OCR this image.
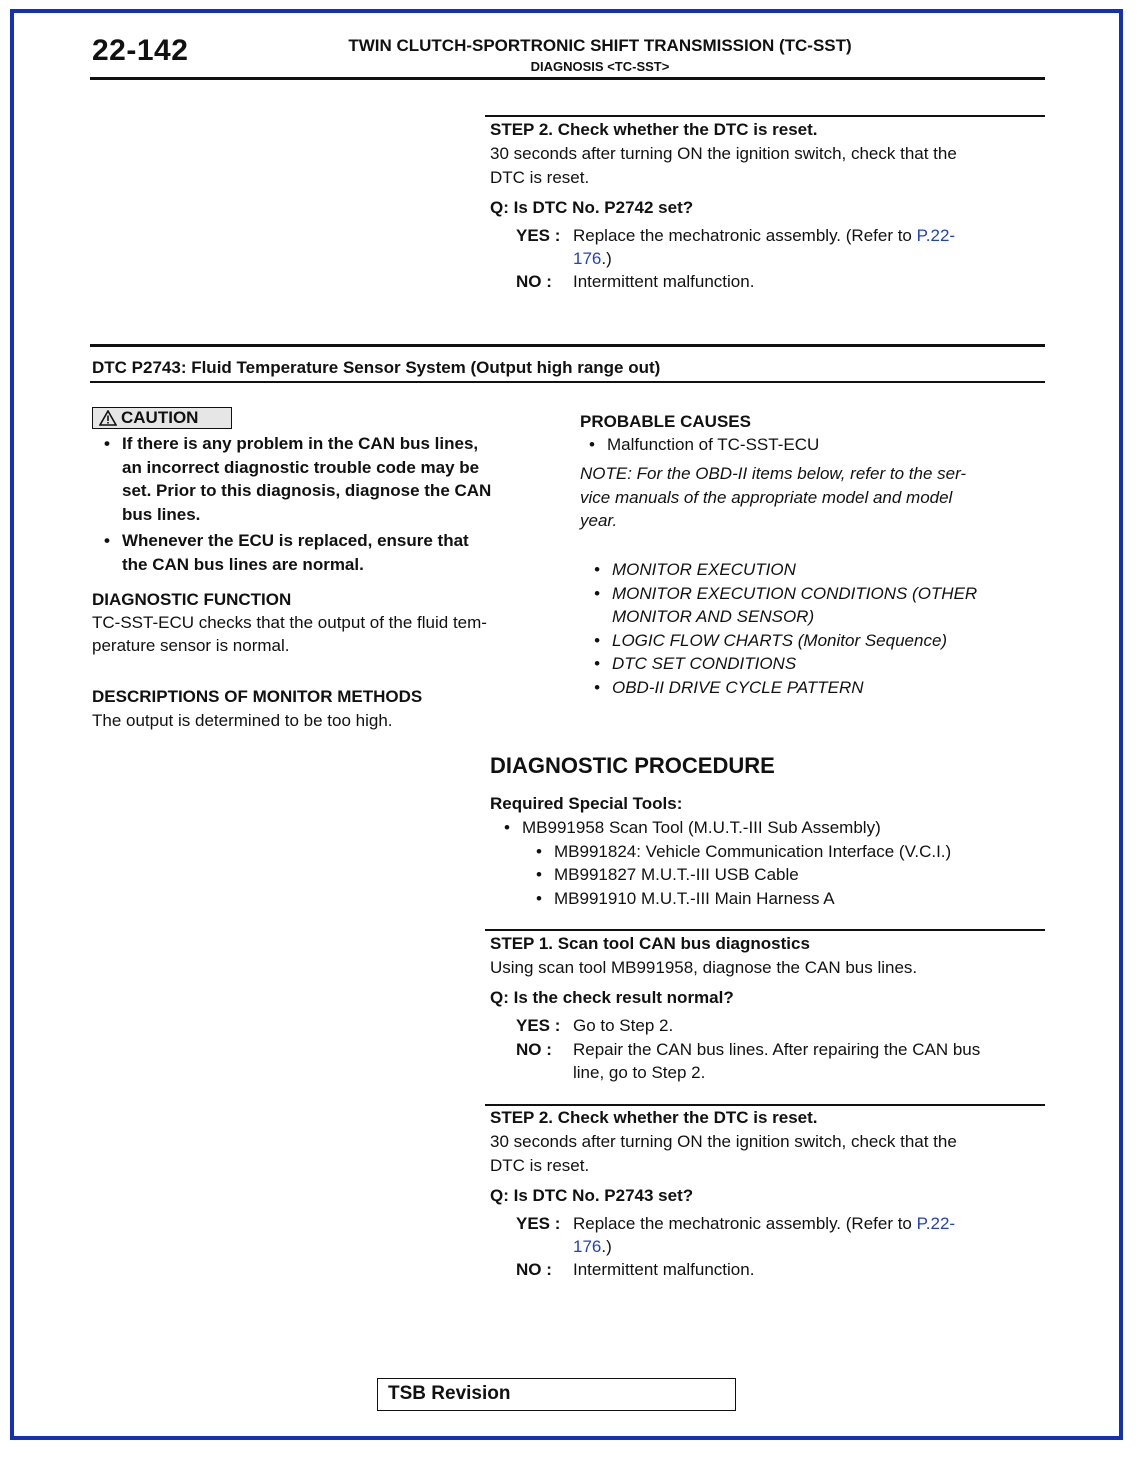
22-142	TWIN CLUTCH-SPORTRONIC SHIFT TRANSMISSION (TC-SST)
DIAGNOSIS <TC-SST>
STEP 2. Check whether the DTC is reset.
30 seconds after turning ON the ignition switch, check that the
DTC is reset.
Q: Is DTC No. P2742 set?
YES : Replace the mechatronic assembly. (Refer to P.22-
176.)
NO : Intermittent malfunction.
DTC P2743: Fluid Temperature Sensor System (Output high range out)
CAUTION
• If there is any problem in the CAN bus lines,
an incorrect diagnostic trouble code may be
set. Prior to this diagnosis, diagnose the CAN
bus lines.
• Whenever the ECU is replaced, ensure that
the CAN bus lines are normal.
DIAGNOSTIC FUNCTION
TC-SST-ECU checks that the output of the fluid tem-
perature sensor is normal.
DESCRIPTIONS OF MONITOR METHODS
The output is determined to be too high.
PROBABLE CAUSES
• Malfunction of TC-SST-ECU
NOTE: For the OBD-II items below, refer to the ser-
vice manuals of the appropriate model and model
year.
• MONITOR EXECUTION
• MONITOR EXECUTION CONDITIONS (OTHER
MONITOR AND SENSOR)
• LOGIC FLOW CHARTS (Monitor Sequence)
• DTC SET CONDITIONS
• OBD-II DRIVE CYCLE PATTERN
DIAGNOSTIC PROCEDURE
Required Special Tools:
• MB991958 Scan Tool (M.U.T.-III Sub Assembly)
• MB991824: Vehicle Communication Interface (V.C.I.)
• MB991827 M.U.T.-III USB Cable
• MB991910 M.U.T.-III Main Harness A
STEP 1. Scan tool CAN bus diagnostics
Using scan tool MB991958, diagnose the CAN bus lines.
Q: Is the check result normal?
YES : Go to Step 2.
NO : Repair the CAN bus lines. After repairing the CAN bus
line, go to Step 2.
STEP 2. Check whether the DTC is reset.
30 seconds after turning ON the ignition switch, check that the
DTC is reset.
Q: Is DTC No. P2743 set?
YES : Replace the mechatronic assembly. (Refer to P.22-
176.)
NO : Intermittent malfunction.
TSB Revision
